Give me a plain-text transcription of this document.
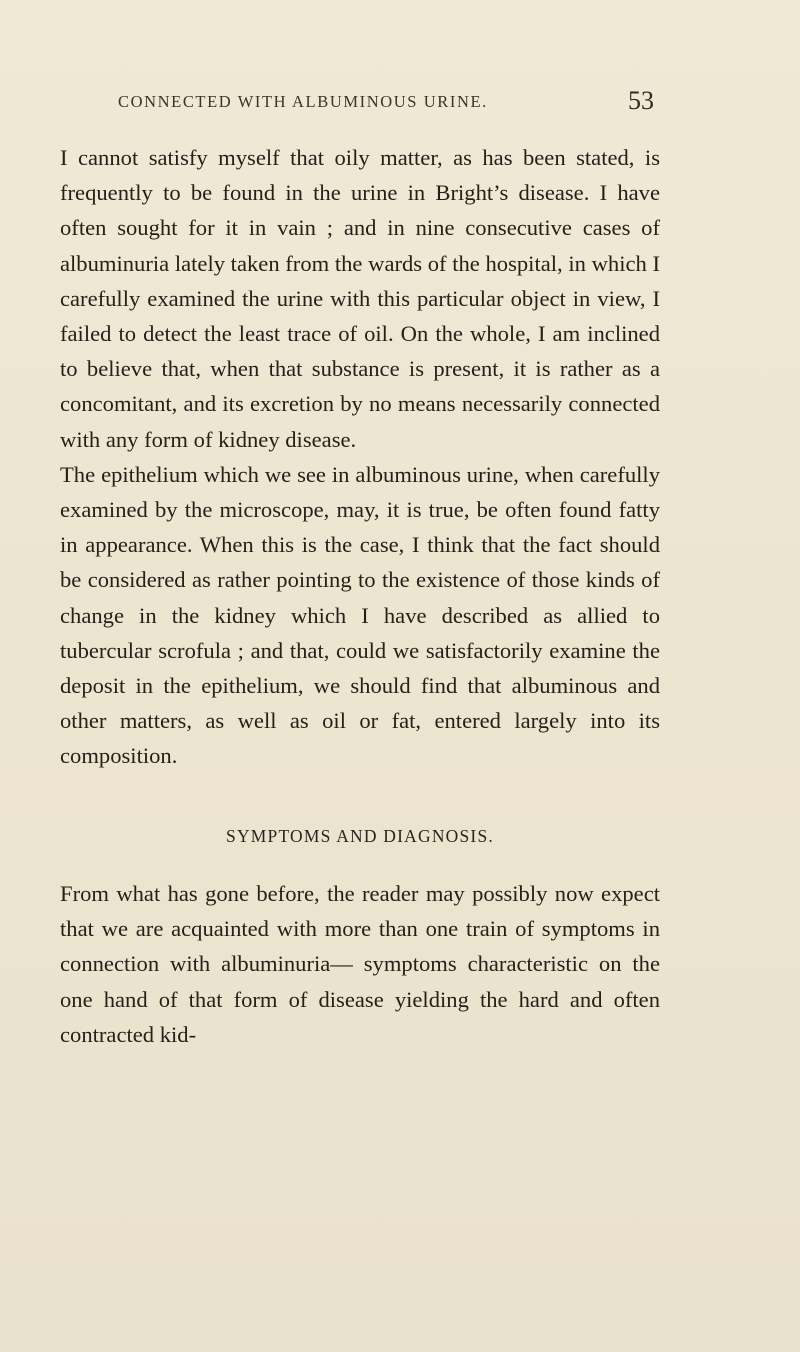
CONNECTED WITH ALBUMINOUS URINE.	53

I cannot satisfy myself that oily matter, as has been stated, is frequently to be found in the urine in Bright’s disease. I have often sought for it in vain ; and in nine consecutive cases of albuminuria lately taken from the wards of the hospital, in which I carefully examined the urine with this particular object in view, I failed to detect the least trace of oil. On the whole, I am inclined to believe that, when that substance is present, it is rather as a concomitant, and its excretion by no means necessarily connected with any form of kidney disease.

The epithelium which we see in albuminous urine, when carefully examined by the microscope, may, it is true, be often found fatty in appearance. When this is the case, I think that the fact should be considered as rather pointing to the existence of those kinds of change in the kidney which I have described as allied to tubercular scrofula ; and that, could we satisfactorily examine the deposit in the epithelium, we should find that albuminous and other matters, as well as oil or fat, entered largely into its composition.

SYMPTOMS AND DIAGNOSIS.

From what has gone before, the reader may possibly now expect that we are acquainted with more than one train of symptoms in connection with albuminuria— symptoms characteristic on the one hand of that form of disease yielding the hard and often contracted kid-
